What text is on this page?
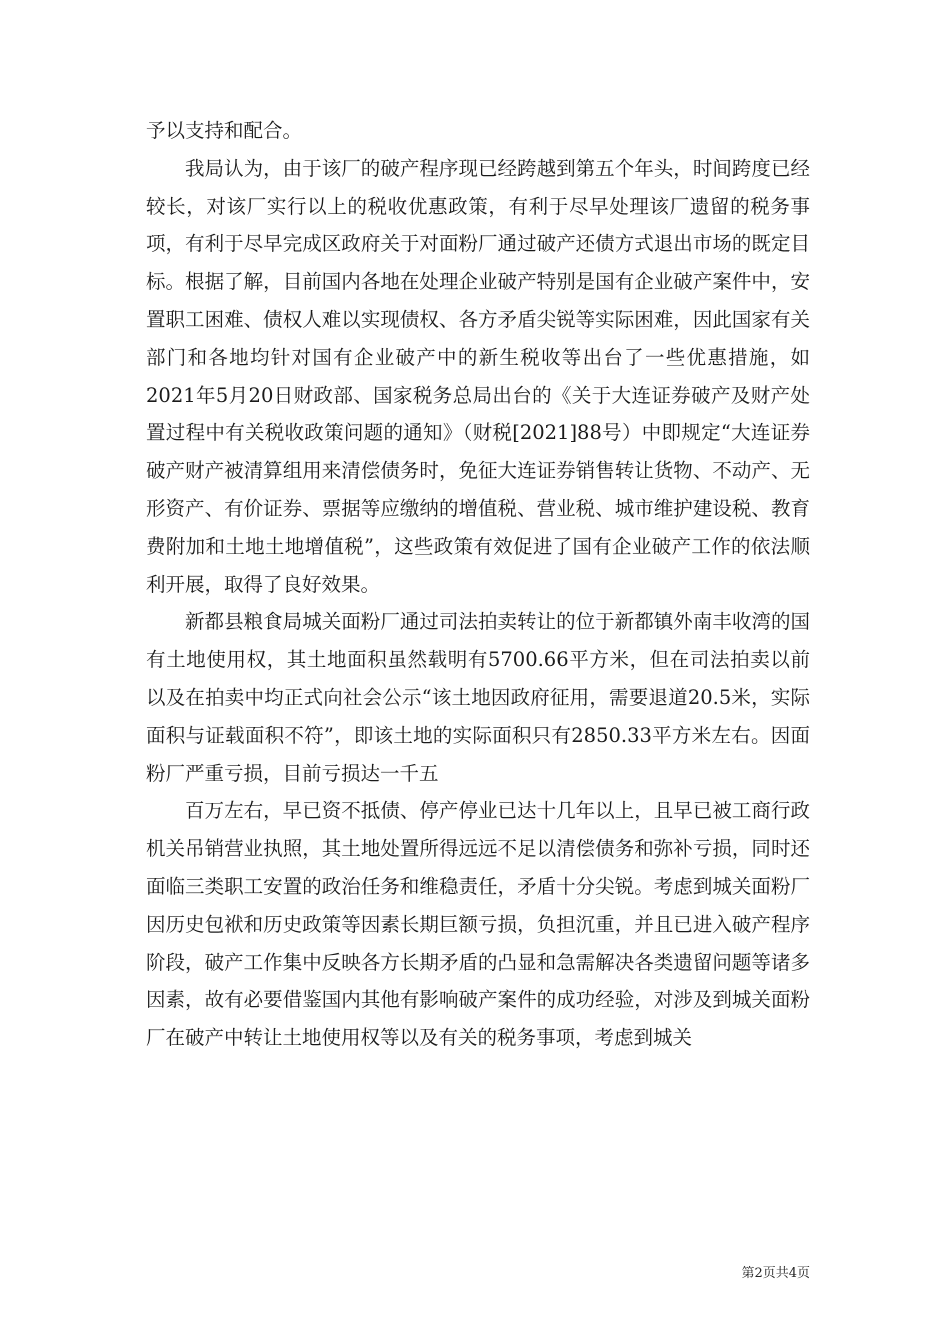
予以支持和配合。

我局认为，由于该厂的破产程序现已经跨越到第五个年头，时间跨度已经较长，对该厂实行以上的税收优惠政策，有利于尽早处理该厂遗留的税务事项，有利于尽早完成区政府关于对面粉厂通过破产还债方式退出市场的既定目标。根据了解，目前国内各地在处理企业破产特别是国有企业破产案件中，安置职工困难、债权人难以实现债权、各方矛盾尖锐等实际困难，因此国家有关部门和各地均针对国有企业破产中的新生税收等出台了一些优惠措施，如2021年5月20日财政部、国家税务总局出台的《关于大连证券破产及财产处置过程中有关税收政策问题的通知》（财税[2021]88号）中即规定“大连证券破产财产被清算组用来清偿债务时，免征大连证券销售转让货物、不动产、无形资产、有价证券、票据等应缴纳的增值税、营业税、城市维护建设税、教育费附加和土地土地增值税”，这些政策有效促进了国有企业破产工作的依法顺利开展，取得了良好效果。

新都县粮食局城关面粉厂通过司法拍卖转让的位于新都镇外南丰收湾的国有土地使用权，其土地面积虽然载明有5700.66平方米，但在司法拍卖以前以及在拍卖中均正式向社会公示“该土地因政府征用，需要退道20.5米，实际面积与证载面积不符”，即该土地的实际面积只有2850.33平方米左右。因面粉厂严重亏损，目前亏损达一千五

百万左右，早已资不抵债、停产停业已达十几年以上，且早已被工商行政机关吊销营业执照，其土地处置所得远远不足以清偿债务和弥补亏损，同时还面临三类职工安置的政治任务和维稳责任，矛盾十分尖锐。考虑到城关面粉厂因历史包袱和历史政策等因素长期巨额亏损，负担沉重，并且已进入破产程序阶段，破产工作集中反映各方长期矛盾的凸显和急需解决各类遗留问题等诸多因素，故有必要借鉴国内其他有影响破产案件的成功经验，对涉及到城关面粉厂在破产中转让土地使用权等以及有关的税务事项，考虑到城关

第2页共4页
